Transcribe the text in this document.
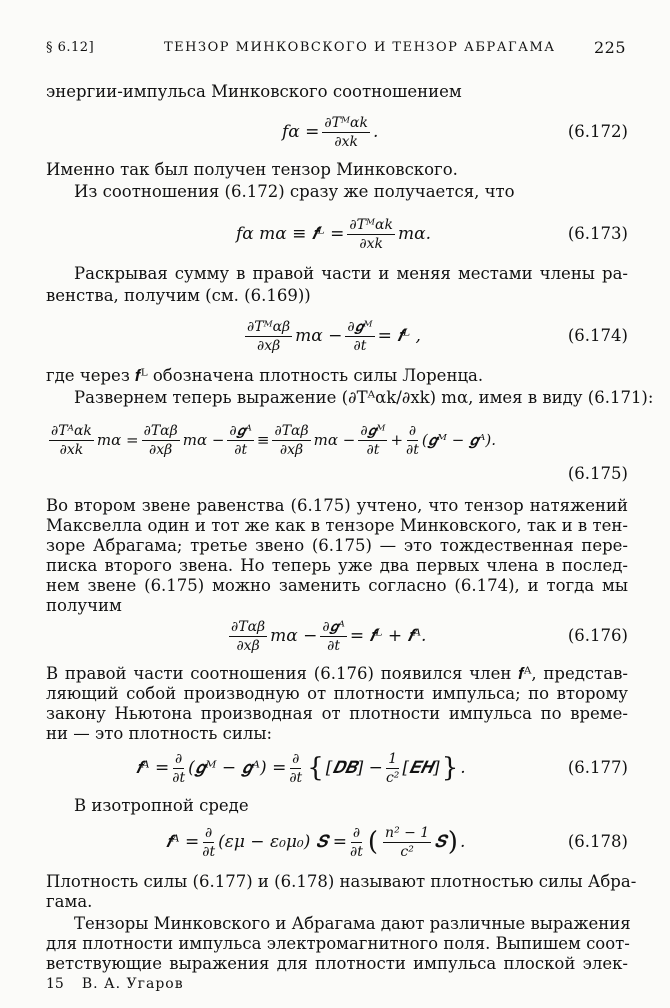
§ 6.12]	ТЕНЗОР МИНКОВСКОГО И ТЕНЗОР АБРАГАМА 225
энергии-импульса Минковского соотношением
$f\alpha = \frac{\text{∂Tᴹαk}}{\partial xk}$ .	(6.172)
Именно так был получен тензор Минковского.
Из соотношения (6.172) сразу же получается, что
fα mα ≡ 𝒇ᴸ = $\frac{\text{∂Tᴹαk}}{\partial xk} m\alpha$.	(6.173)
Раскрывая сумму в правой части и меняя местами члены ра-
венства, получим (см. (6.169))
$\frac{\text{∂Tᴹαβ}}{\partial x\beta}$ $m\alpha - \frac{\text{∂𝒈ᴹ}}{\partial t}$ = 𝒇ᴸ ,	(6.174)
где через 𝒇ᴸ обозначена плотность силы Лоренца.
Развернем теперь выражение (∂Tᴬαk/∂xk) mα, имея в виду (6.171):
$\frac{\text{∂Tᴬαk}}{\partial xk}$ $m\alpha = \frac{\text{∂Tαβ}}{\partial x\beta}$ $m\alpha - \frac{\text{∂𝒈ᴬ}}{\partial t} \equiv \frac{\text{∂Tαβ}}{\partial x\beta}$ $m\alpha - \frac{\text{∂𝒈ᴹ}}{\partial t} + \frac{\partial}{\partial t}$ (𝒈ᴹ − 𝒈ᴬ).
(6.175)
Во втором звене равенства (6.175) учтено, что тензор натяжений
Максвелла один и тот же как в тензоре Минковского, так и в тен-
зоре Абрагама; третье звено (6.175) — это тождественная пере-
писка второго звена. Но теперь уже два первых члена в послед-
нем звене (6.175) можно заменить согласно (6.174), и тогда мы
получим
$\frac{\text{∂Tαβ}}{\partial x\beta}$ $m\alpha - \frac{\text{∂𝒈ᴬ}}{\partial t}$ = 𝒇ᴸ + 𝒇ᴬ.	(6.176)
В правой части соотношения (6.176) появился член 𝒇ᴬ, представ-
ляющий собой производную от плотности импульса; по второму
закону Ньютона производная от плотности импульса по време-
ни — это плотность силы:
𝒇ᴬ = $\frac{\partial}{\partial t}$ (𝒈ᴹ − 𝒈ᴬ) = $\frac{\partial}{\partial t}$ { [𝑫𝑩] − $\frac{1}{\text{c²}}$ [𝑬𝑯] } .	(6.177)
В изотропной среде
𝒇ᴬ = $\frac{\partial}{\partial t} (\varepsilon\mu - \varepsilon_0\mu_0)$ 𝑺 = $\frac{\partial}{\partial t}$ ( $\frac{\text{n² − 1}}{\text{c²}}$ 𝑺 ) .	(6.178)
Плотность силы (6.177) и (6.178) называют плотностью силы Абра-
гама.
Тензоры Минковского и Абрагама дают различные выражения
для плотности импульса электромагнитного поля. Выпишем соот-
ветствующие выражения для плотности импульса плоской элек-
15 В. А. Угаров
